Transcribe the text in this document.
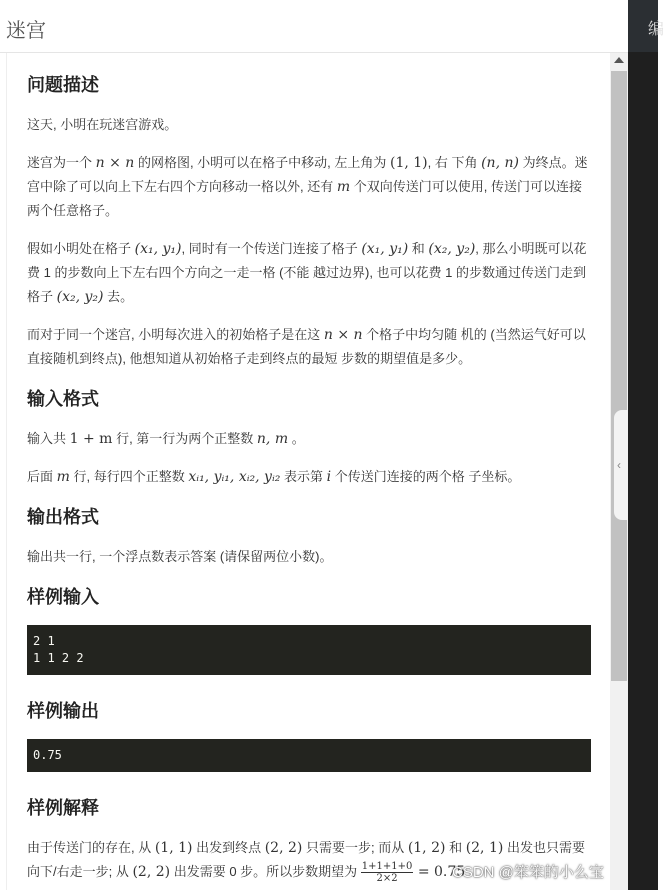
迷宫	编
问题描述

这天, 小明在玩迷宫游戏。

迷宫为一个 n × n 的网格图, 小明可以在格子中移动, 左上角为 (1, 1), 右 下角 (n, n) 为终点。迷宫中除了可以向上下左右四个方向移动一格以外, 还有 m 个双向传送门可以使用, 传送门可以连接两个任意格子。

假如小明处在格子 (x₁, y₁), 同时有一个传送门连接了格子 (x₁, y₁) 和 (x₂, y₂), 那么小明既可以花费 1 的步数向上下左右四个方向之一走一格 (不能 越过边界), 也可以花费 1 的步数通过传送门走到格子 (x₂, y₂) 去。

而对于同一个迷宫, 小明每次进入的初始格子是在这 n × n 个格子中均匀随 机的 (当然运气好可以直接随机到终点), 他想知道从初始格子走到终点的最短 步数的期望值是多少。

输入格式

输入共 1 + m 行, 第一行为两个正整数 n, m 。

后面 m 行, 每行四个正整数 xᵢ₁, yᵢ₁, xᵢ₂, yᵢ₂ 表示第 i 个传送门连接的两个格 子坐标。

输出格式

输出共一行, 一个浮点数表示答案 (请保留两位小数)。

样例输入
2 1
1 1 2 2
样例输出
0.75
样例解释

由于传送门的存在, 从 (1, 1) 出发到终点 (2, 2) 只需要一步; 而从 (1, 2) 和 (2, 1) 出发也只需要向下/右走一步; 从 (2, 2) 出发需要 0 步。所以步数期望为 $\frac{1+1+1+0}{2\times 2} = 0.75$

‹
CSDN @笨笨的小么宝
